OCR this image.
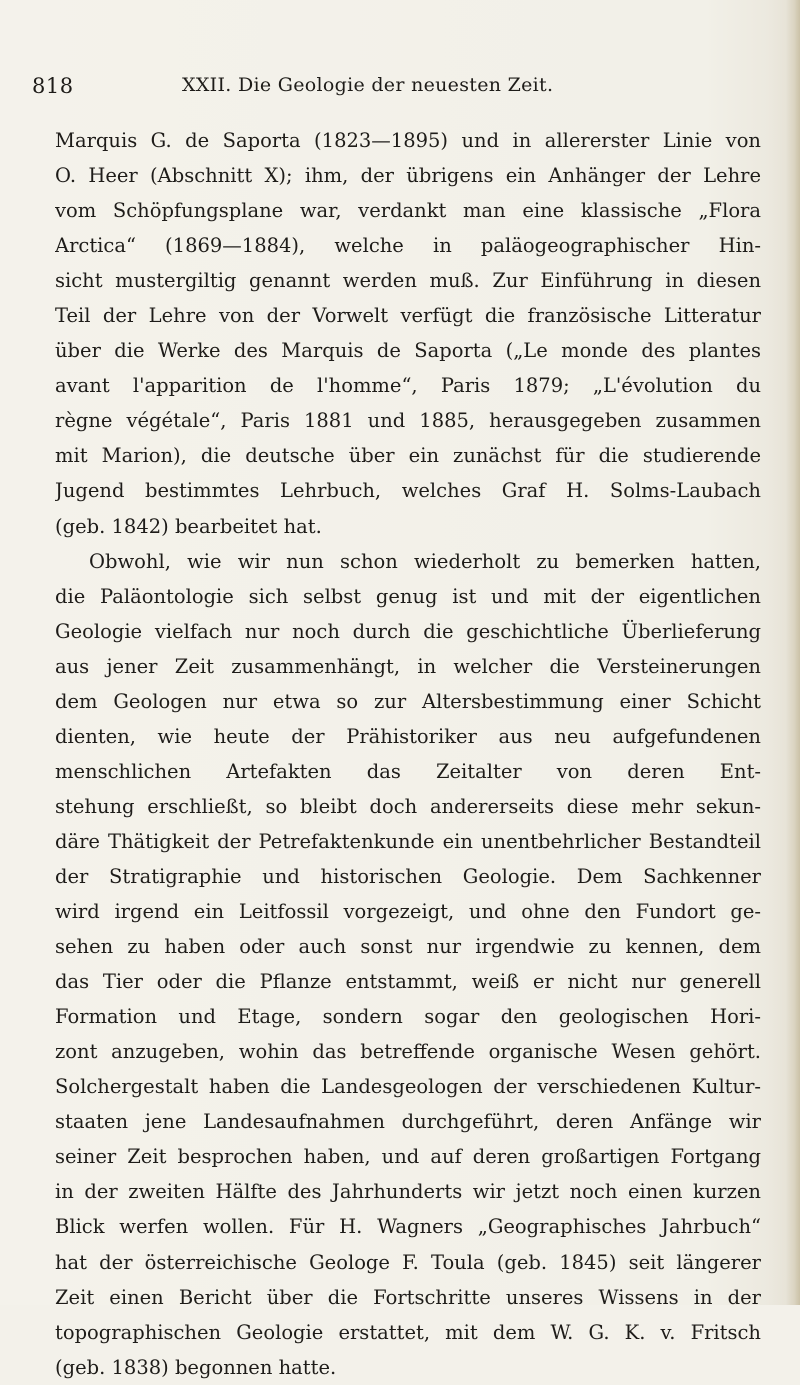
818	XXII. Die Geologie der neuesten Zeit.
Marquis G. de Saporta (1823—1895) und in allererster Linie von
O. Heer (Abschnitt X); ihm, der übrigens ein Anhänger der Lehre
vom Schöpfungsplane war, verdankt man eine klassische „Flora
Arctica“ (1869—1884), welche in paläogeographischer Hin-
sicht mustergiltig genannt werden muß. Zur Einführung in diesen
Teil der Lehre von der Vorwelt verfügt die französische Litteratur
über die Werke des Marquis de Saporta („Le monde des plantes
avant l'apparition de l'homme“, Paris 1879; „L'évolution du
règne végétale“, Paris 1881 und 1885, herausgegeben zusammen
mit Marion), die deutsche über ein zunächst für die studierende
Jugend bestimmtes Lehrbuch, welches Graf H. Solms-Laubach
(geb. 1842) bearbeitet hat.
Obwohl, wie wir nun schon wiederholt zu bemerken hatten,
die Paläontologie sich selbst genug ist und mit der eigentlichen
Geologie vielfach nur noch durch die geschichtliche Überlieferung
aus jener Zeit zusammenhängt, in welcher die Versteinerungen
dem Geologen nur etwa so zur Altersbestimmung einer Schicht
dienten, wie heute der Prähistoriker aus neu aufgefundenen
menschlichen Artefakten das Zeitalter von deren Ent-
stehung erschließt, so bleibt doch andererseits diese mehr sekun-
däre Thätigkeit der Petrefaktenkunde ein unentbehrlicher Bestandteil
der Stratigraphie und historischen Geologie. Dem Sachkenner
wird irgend ein Leitfossil vorgezeigt, und ohne den Fundort ge-
sehen zu haben oder auch sonst nur irgendwie zu kennen, dem
das Tier oder die Pflanze entstammt, weiß er nicht nur generell
Formation und Etage, sondern sogar den geologischen Hori-
zont anzugeben, wohin das betreffende organische Wesen gehört.
Solchergestalt haben die Landesgeologen der verschiedenen Kultur-
staaten jene Landesaufnahmen durchgeführt, deren Anfänge wir
seiner Zeit besprochen haben, und auf deren großartigen Fortgang
in der zweiten Hälfte des Jahrhunderts wir jetzt noch einen kurzen
Blick werfen wollen. Für H. Wagners „Geographisches Jahrbuch“
hat der österreichische Geologe F. Toula (geb. 1845) seit längerer
Zeit einen Bericht über die Fortschritte unseres Wissens in der
topographischen Geologie erstattet, mit dem W. G. K. v. Fritsch
(geb. 1838) begonnen hatte.
